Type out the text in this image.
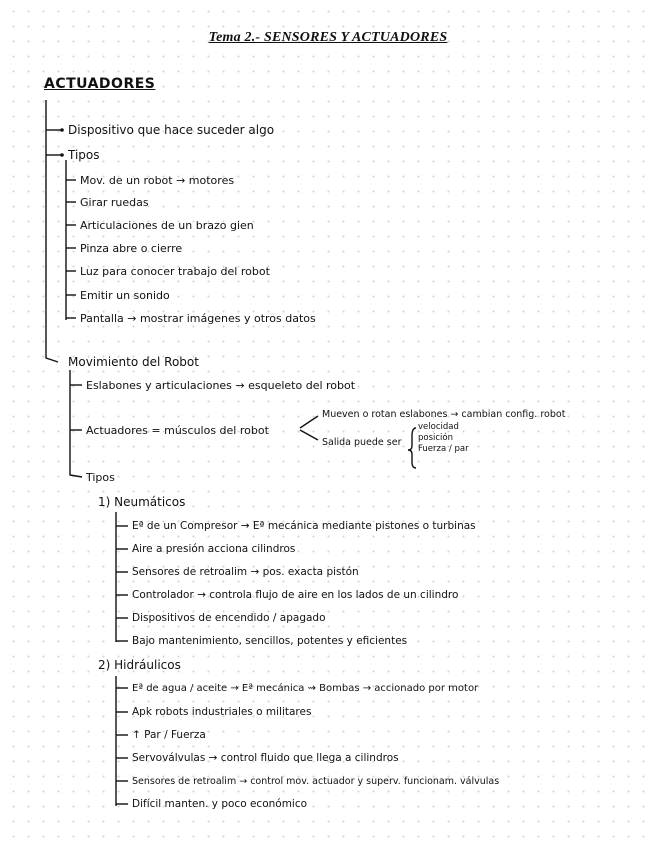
Tema 2.- SENSORES Y ACTUADORES
ACTUADORES
Dispositivo que hace suceder algo
Tipos
Mov. de un robot → motores
Girar ruedas
Articulaciones de un brazo gien
Pinza abre o cierre
Luz para conocer trabajo del robot
Emitir un sonido
Pantalla → mostrar imágenes y otros datos
Movimiento del Robot
Eslabones y articulaciones → esqueleto del robot
Actuadores = músculos del robot
Mueven o rotan eslabones → cambian config. robot
Salida puede ser
velocidad
posición
Fuerza / par
Tipos
1) Neumáticos
Eª de un Compresor → Eª mecánica mediante pistones o turbinas
Aire a presión acciona cilindros
Sensores de retroalim → pos. exacta pistón
Controlador → controla flujo de aire en los lados de un cilindro
Dispositivos de encendido / apagado
Bajo mantenimiento, sencillos, potentes y eficientes
2) Hidráulicos
Eª de agua / aceite → Eª mecánica ⇝ Bombas → accionado por motor
Apk robots industriales o militares
↑ Par / Fuerza
Servoválvulas → control fluido que llega a cilindros
Sensores de retroalim → control mov. actuador y superv. funcionam. válvulas
Difícil manten. y poco económico
